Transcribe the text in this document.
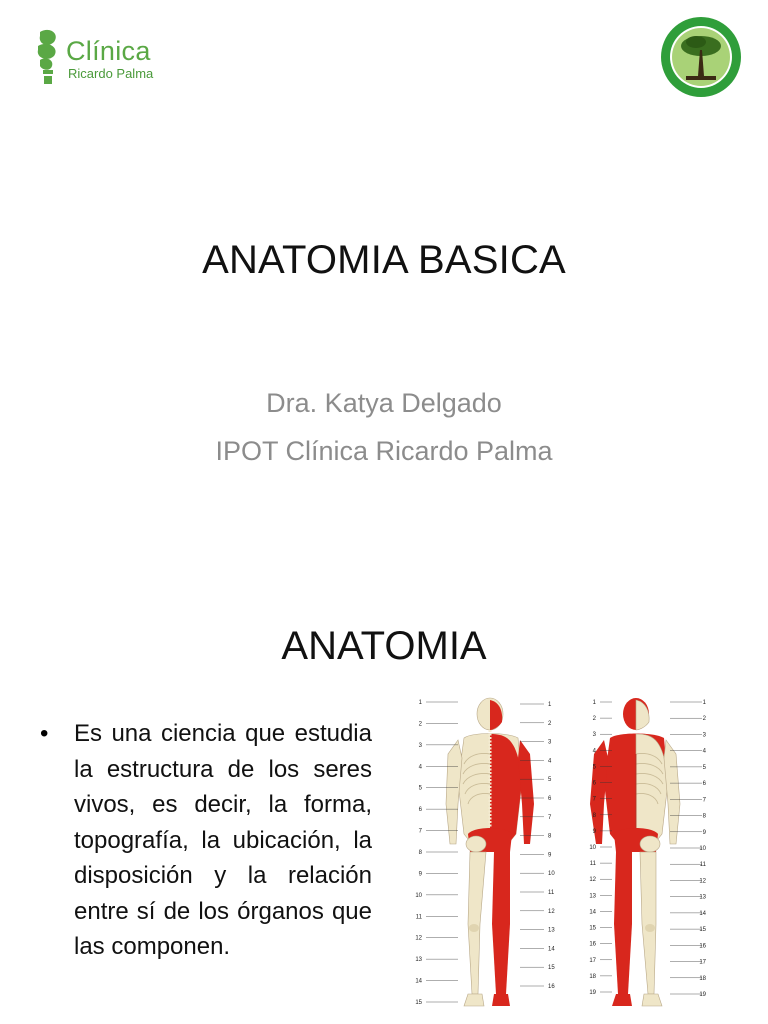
Clínica
Ricardo Palma
ANATOMIA BASICA
Dra. Katya Delgado
IPOT Clínica Ricardo Palma
ANATOMIA
• Es una ciencia que estudia la estructura de los seres vivos, es decir, la forma, topografía, la ubicación, la disposición y la relación entre sí de los órganos que las componen.
1
2
3
4
5
6
7
8
9
10
11
12
13
14
15
1
2
3
4
5
6
7
8
9
10
11
12
13
14
15
16
1
2
3
4
5
6
7
8
9
10
11
12
13
14
15
16
17
18
19
1
2
3
4
5
6
7
8
9
10
11
12
13
14
15
16
17
18
19
